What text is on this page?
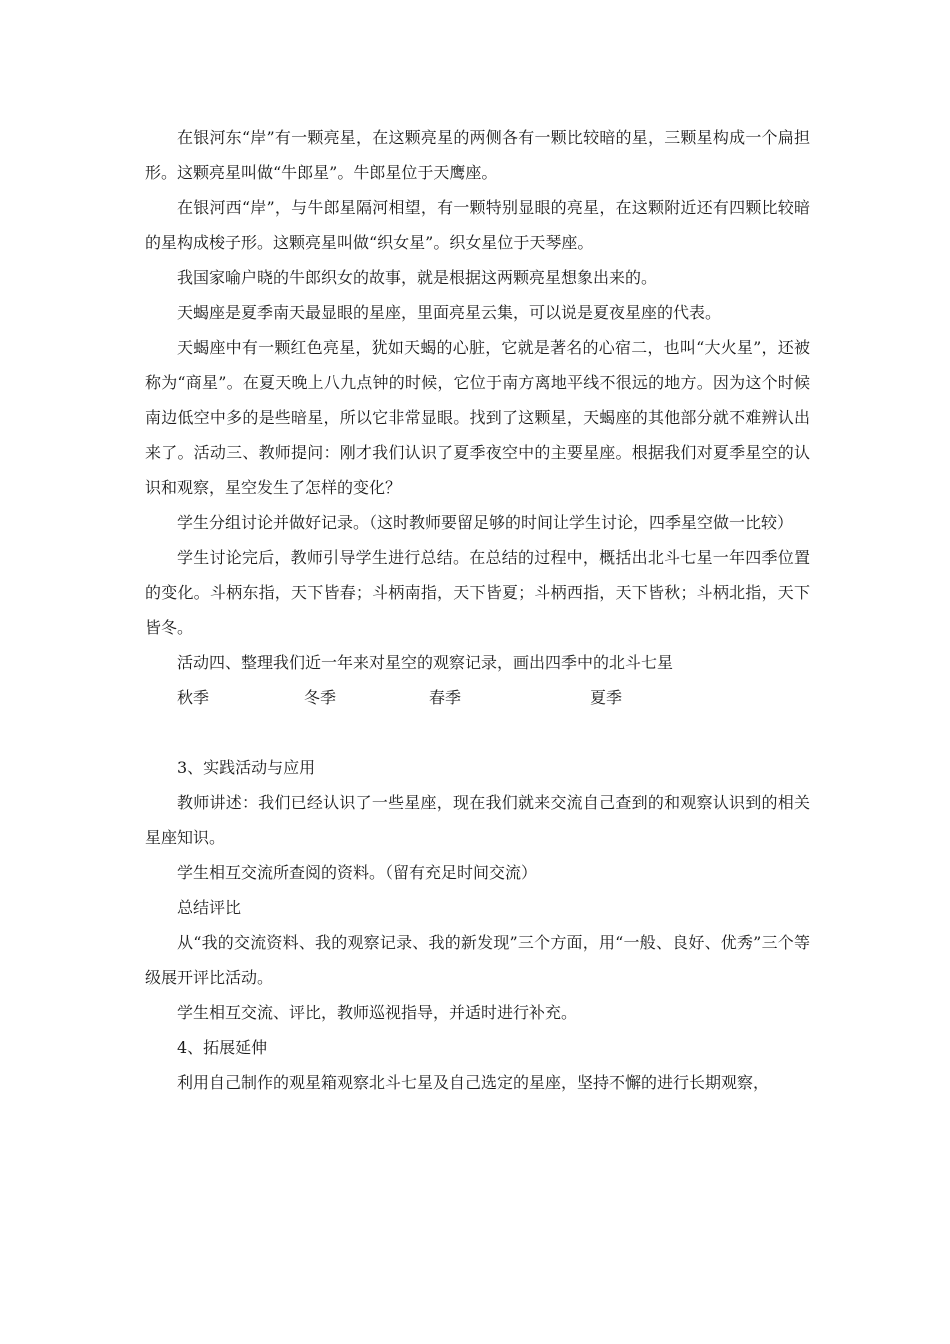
在银河东“岸”有一颗亮星，在这颗亮星的两侧各有一颗比较暗的星，三颗星构成一个扁担形。这颗亮星叫做“牛郎星”。牛郎星位于天鹰座。

在银河西“岸”，与牛郎星隔河相望，有一颗特别显眼的亮星，在这颗附近还有四颗比较暗的星构成梭子形。这颗亮星叫做“织女星”。织女星位于天琴座。

我国家喻户晓的牛郎织女的故事，就是根据这两颗亮星想象出来的。

天蝎座是夏季南天最显眼的星座，里面亮星云集，可以说是夏夜星座的代表。

天蝎座中有一颗红色亮星，犹如天蝎的心脏，它就是著名的心宿二，也叫“大火星”，还被称为“商星”。在夏天晚上八九点钟的时候，它位于南方离地平线不很远的地方。因为这个时候南边低空中多的是些暗星，所以它非常显眼。找到了这颗星，天蝎座的其他部分就不难辨认出来了。活动三、教师提问：刚才我们认识了夏季夜空中的主要星座。根据我们对夏季星空的认识和观察，星空发生了怎样的变化？

学生分组讨论并做好记录。（这时教师要留足够的时间让学生讨论，四季星空做一比较）

学生讨论完后，教师引导学生进行总结。在总结的过程中，概括出北斗七星一年四季位置的变化。斗柄东指，天下皆春；斗柄南指，天下皆夏；斗柄西指，天下皆秋；斗柄北指，天下皆冬。

活动四、整理我们近一年来对星空的观察记录，画出四季中的北斗七星

秋季	冬季	春季	夏季

3、实践活动与应用

教师讲述：我们已经认识了一些星座，现在我们就来交流自己查到的和观察认识到的相关星座知识。

学生相互交流所查阅的资料。（留有充足时间交流）

总结评比

从“我的交流资料、我的观察记录、我的新发现”三个方面，用“一般、良好、优秀”三个等级展开评比活动。

学生相互交流、评比，教师巡视指导，并适时进行补充。

4、拓展延伸

利用自己制作的观星箱观察北斗七星及自己选定的星座，坚持不懈的进行长期观察，
